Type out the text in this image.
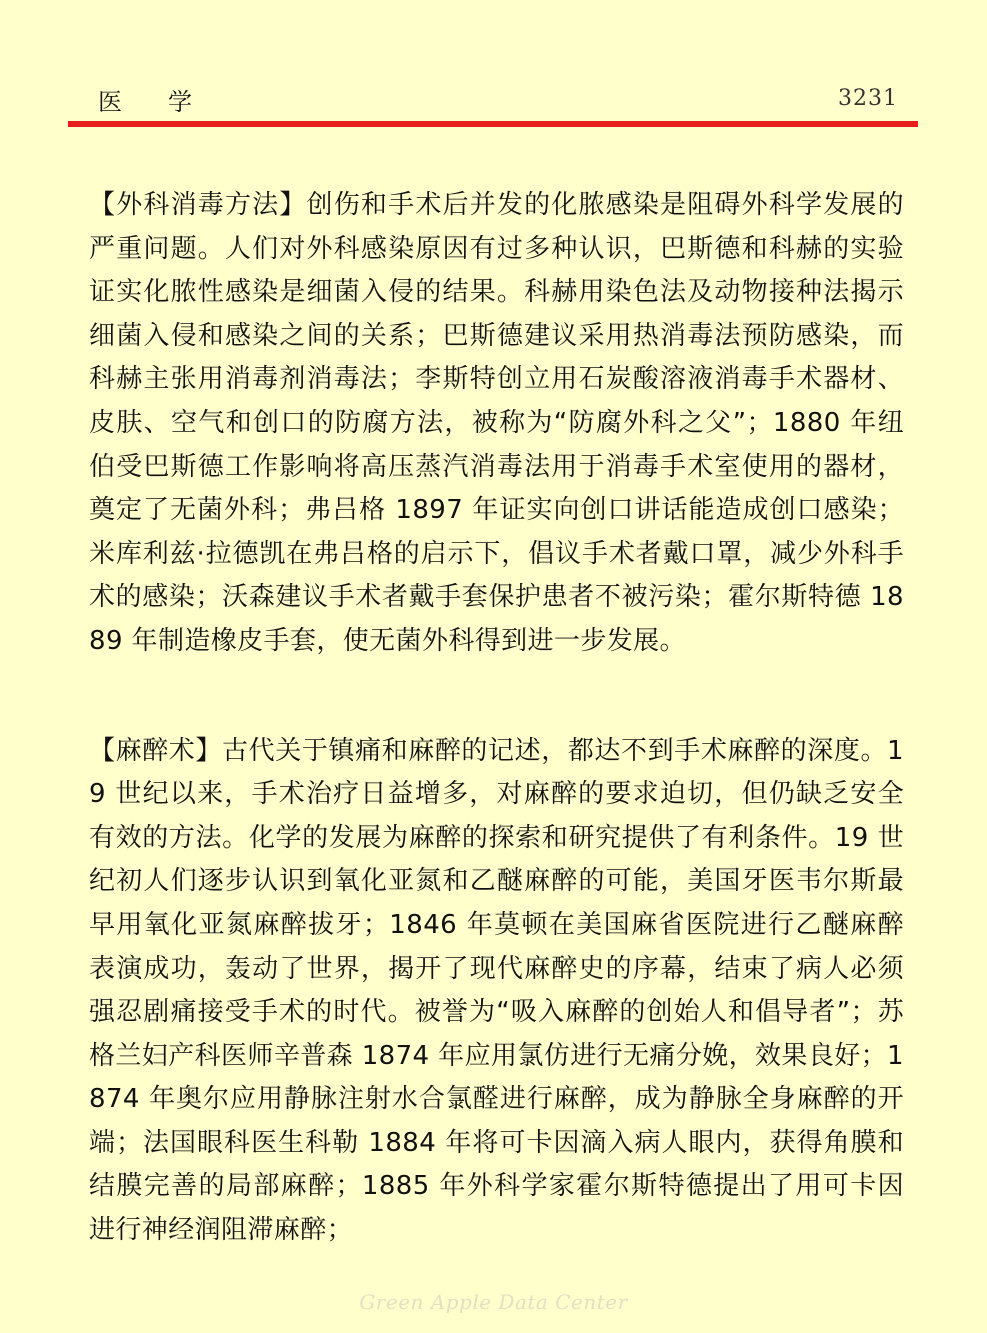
医学	3231

【外科消毒方法】创伤和手术后并发的化脓感染是阻碍外科学发展的严重问题。人们对外科感染原因有过多种认识，巴斯德和科赫的实验证实化脓性感染是细菌入侵的结果。科赫用染色法及动物接种法揭示细菌入侵和感染之间的关系；巴斯德建议采用热消毒法预防感染，而科赫主张用消毒剂消毒法；李斯特创立用石炭酸溶液消毒手术器材、皮肤、空气和创口的防腐方法，被称为“防腐外科之父”；1880 年纽伯受巴斯德工作影响将高压蒸汽消毒法用于消毒手术室使用的器材，奠定了无菌外科；弗吕格 1897 年证实向创口讲话能造成创口感染；米库利兹·拉德凯在弗吕格的启示下，倡议手术者戴口罩，减少外科手术的感染；沃森建议手术者戴手套保护患者不被污染；霍尔斯特德 1889 年制造橡皮手套，使无菌外科得到进一步发展。

【麻醉术】古代关于镇痛和麻醉的记述，都达不到手术麻醉的深度。19 世纪以来，手术治疗日益增多，对麻醉的要求迫切，但仍缺乏安全有效的方法。化学的发展为麻醉的探索和研究提供了有利条件。19 世纪初人们逐步认识到氧化亚氮和乙醚麻醉的可能，美国牙医韦尔斯最早用氧化亚氮麻醉拔牙；1846 年莫顿在美国麻省医院进行乙醚麻醉表演成功，轰动了世界，揭开了现代麻醉史的序幕，结束了病人必须强忍剧痛接受手术的时代。被誉为“吸入麻醉的创始人和倡导者”；苏格兰妇产科医师辛普森 1874 年应用氯仿进行无痛分娩，效果良好；1874 年奥尔应用静脉注射水合氯醛进行麻醉，成为静脉全身麻醉的开端；法国眼科医生科勒 1884 年将可卡因滴入病人眼内，获得角膜和结膜完善的局部麻醉；1885 年外科学家霍尔斯特德提出了用可卡因进行神经润阻滞麻醉；

Green Apple Data Center
